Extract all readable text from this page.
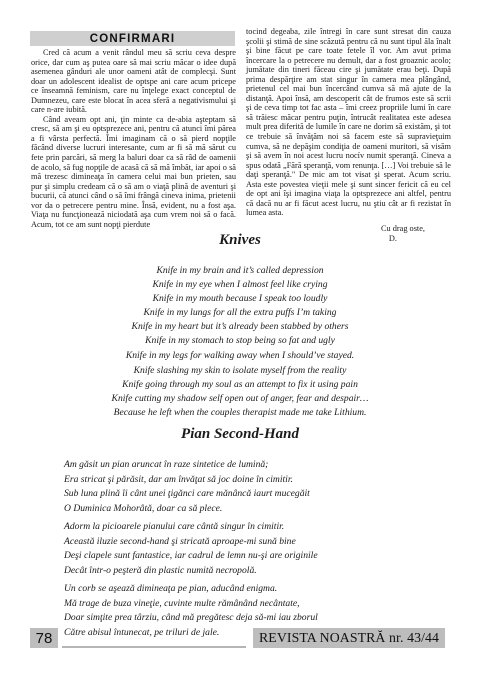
CONFIRMARI

Cred că acum a venit rândul meu să scriu ceva despre orice, dar cum aş putea oare să mai scriu măcar o idee după asemenea gânduri ale unor oameni atât de complecşi. Sunt doar un adolescent idealist de optspe ani care acum pricepe ce înseamnă feminism, care nu înţelege exact conceptul de Dumnezeu, care este blocat în acea sferă a negativismului şi care n-are iubită.

Când aveam opt ani, ţin minte ca de-abia aşteptam să cresc, să am şi eu optsprezece ani, pentru că atunci îmi părea a fi vârsta perfectă. Îmi imaginam că o să pierd nopţile făcând diverse lucruri interesante, cum ar fi să mă sărut cu fete prin parcări, să merg la baluri doar ca să râd de oamenii de acolo, să fug nopţile de acasă că să mă îmbăt, iar apoi o să mă trezesc dimineaţa în camera celui mai bun prieten, sau pur şi simplu credeam că o să am o viaţă plină de aventuri şi bucurii, că atunci când o să îmi frângă cineva inima, prietenii vor da o petrecere pentru mine. Însă, evident, nu a fost aşa. Viaţa nu funcţionează niciodată aşa cum vrem noi să o facă. Acum, tot ce am sunt nopţi pierdute

tocind degeaba, zile întregi în care sunt stresat din cauza şcolii şi stimă de sine scăzută pentru că nu sunt tipul ăla înalt şi bine făcut pe care toate fetele îl vor. Am avut prima încercare la o petrecere nu demult, dar a fost groaznic acolo; jumătate din tineri făceau cire şi jumătate erau beţi. După prima despărţire am stat singur în camera mea plângând, prietenul cel mai bun încercând cumva să mă ajute de la distanţă. Apoi însă, am descoperit cât de frumos este să scrii şi de ceva timp tot fac asta – îmi creez propriile lumi în care să trăiesc măcar pentru puţin, întrucât realitatea este adesea mult prea diferită de lumile în care ne dorim să existăm, şi tot ce trebuie să învăţăm noi să facem este să supravieţuim cumva, să ne depăşim condiţia de oameni muritori, să visăm şi să avem în noi acest lucru nocív numit speranţă. Cineva a spus odată „Fără speranţă, vom renunţa. […] Voi trebuie să le daţi speranţă." De mic am tot visat şi sperat. Acum scriu. Asta este povestea vieţii mele şi sunt sincer fericit că eu cel de opt ani îşi imagina viaţa la optsprezece ani altfel, pentru că dacă nu ar fi făcut acest lucru, nu ştiu cât ar fi rezistat în lumea asta.

Cu drag oste,
D.
Knives
Knife in my brain and it’s called depression
Knife in my eye when I almost feel like crying
Knife in my mouth because I speak too loudly
Knife in my lungs for all the extra puffs I’m taking
Knife in my heart but it’s already been stabbed by others
Knife in my stomach to stop being so fat and ugly
Knife in my legs for walking away when I should’ve stayed.
Knife slashing my skin to isolate myself from the reality
Knife going through my soul as an attempt to fix it using pain
Knife cutting my shadow self open out of anger, fear and despair…
Because he left when the couples therapist made me take Lithium.
Pian Second-Hand
Am găsit un pian aruncat în raze sintetice de lumină;
Era stricat şi părăsit, dar am învăţat să joc doine în cimitir.
Sub luna plină îi cânt unei ţigănci care mănâncă iaurt mucegăit
O Duminica Mohorâtă, doar ca să plece.
Adorm la picioarele pianului care cântă singur în cimitir.
Această iluzie second-hand şi stricată aproape-mi sună bine
Deşi clapele sunt fantastice, iar cadrul de lemn nu-şi are originile
Decât într-o peşteră din plastic numită necropolă.
Un corb se aşează dimineaţa pe pian, aducând enigma.
Mă trage de buza vineţie, cuvinte multe rămânând necântate,
Doar simţite prea târziu, când mă pregătesc deja să-mi iau zborul
Către abisul întunecat, pe triluri de jale.
78	REVISTA NOASTRĂ nr. 43/44
